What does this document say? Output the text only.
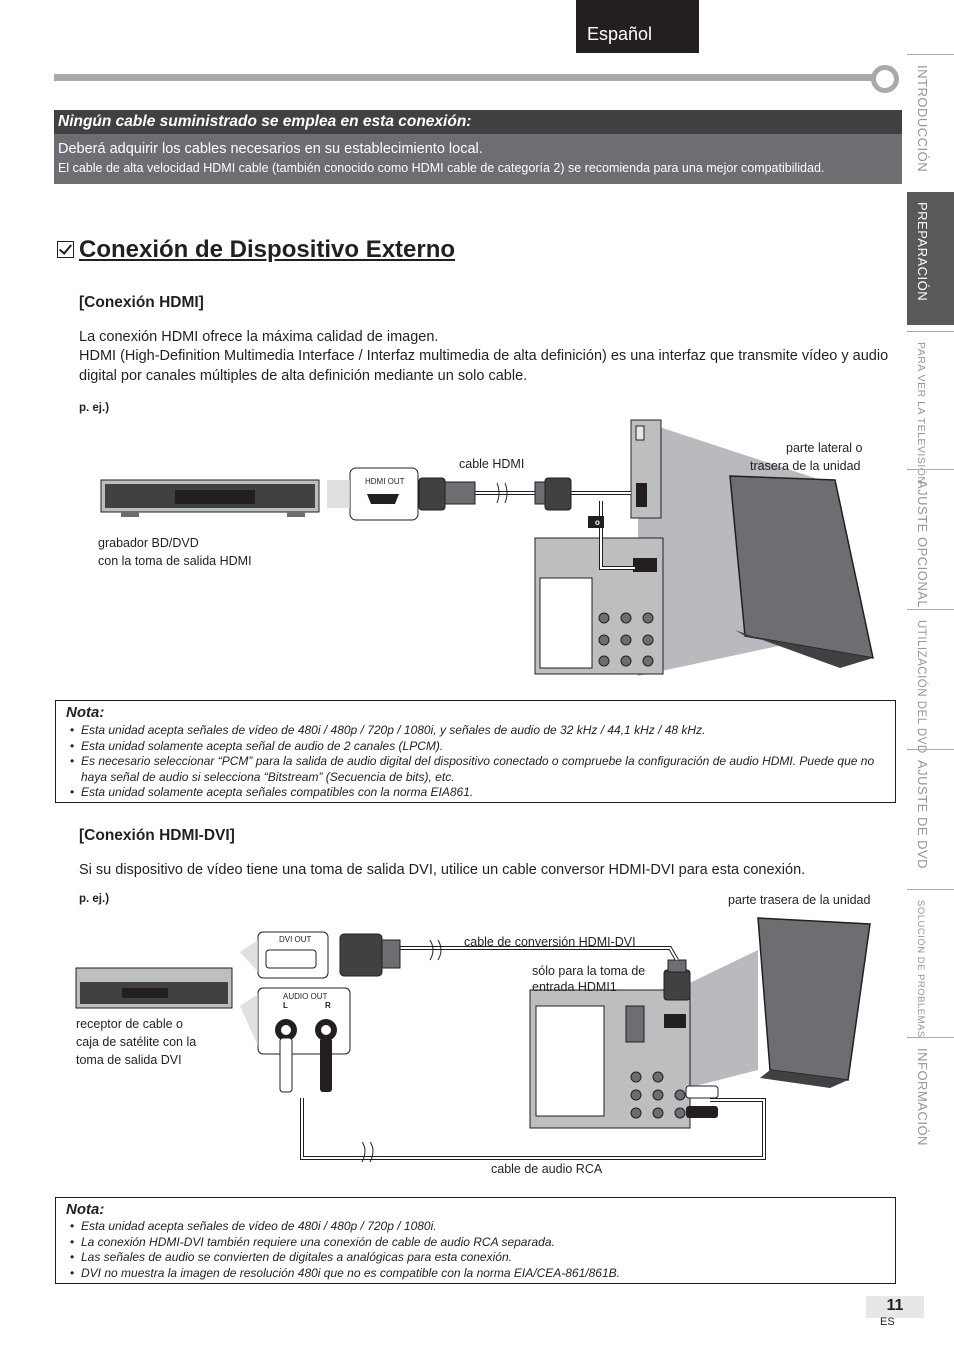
Español
INTRODUCCIÓN
PREPARACIÓN
PARA VER LA TELEVISIÓN
AJUSTE OPCIONAL
UTILIZACIÓN DEL DVD
AJUSTE DE DVD
SOLUCIÓN DE PROBLEMAS
INFORMACIÓN
Ningún cable suministrado se emplea en esta conexión:
Deberá adquirir los cables necesarios en su establecimiento local.
El cable de alta velocidad HDMI cable (también conocido como HDMI cable de categoría 2) se recomienda para una mejor compatibilidad.
Conexión de Dispositivo Externo
[Conexión HDMI]
La conexión HDMI ofrece la máxima calidad de imagen.
HDMI (High-Definition Multimedia Interface / Interfaz multimedia de alta definición) es una interfaz que transmite vídeo y audio digital por canales múltiples de alta definición mediante un solo cable.
p. ej.)
HDMI OUT
o
cable HDMI
parte lateral o
trasera de la unidad
grabador BD/DVD
con la toma de salida HDMI
Nota:
• Esta unidad acepta señales de vídeo de 480i / 480p / 720p / 1080i, y señales de audio de 32 kHz / 44,1 kHz / 48 kHz.
• Esta unidad solamente acepta señal de audio de 2 canales (LPCM).
• Es necesario seleccionar “PCM” para la salida de audio digital del dispositivo conectado o compruebe la configuración de audio HDMI. Puede que no haya señal de audio si selecciona “Bitstream” (Secuencia de bits), etc.
• Esta unidad solamente acepta señales compatibles con la norma EIA861.
[Conexión HDMI-DVI]
Si su dispositivo de vídeo tiene una toma de salida DVI, utilice un cable conversor HDMI-DVI para esta conexión.
p. ej.)
DVI OUT
AUDIO OUT
L	R
parte trasera de la unidad
cable de conversión HDMI-DVI
sólo para la toma de
entrada HDMI1
receptor de cable o
caja de satélite con la
toma de salida DVI
cable de audio RCA
Nota:
• Esta unidad acepta señales de vídeo de 480i / 480p / 720p / 1080i.
• La conexión HDMI-DVI también requiere una conexión de cable de audio RCA separada.
• Las señales de audio se convierten de digitales a analógicas para esta conexión.
• DVI no muestra la imagen de resolución 480i que no es compatible con la norma EIA/CEA-861/861B.
11
ES
